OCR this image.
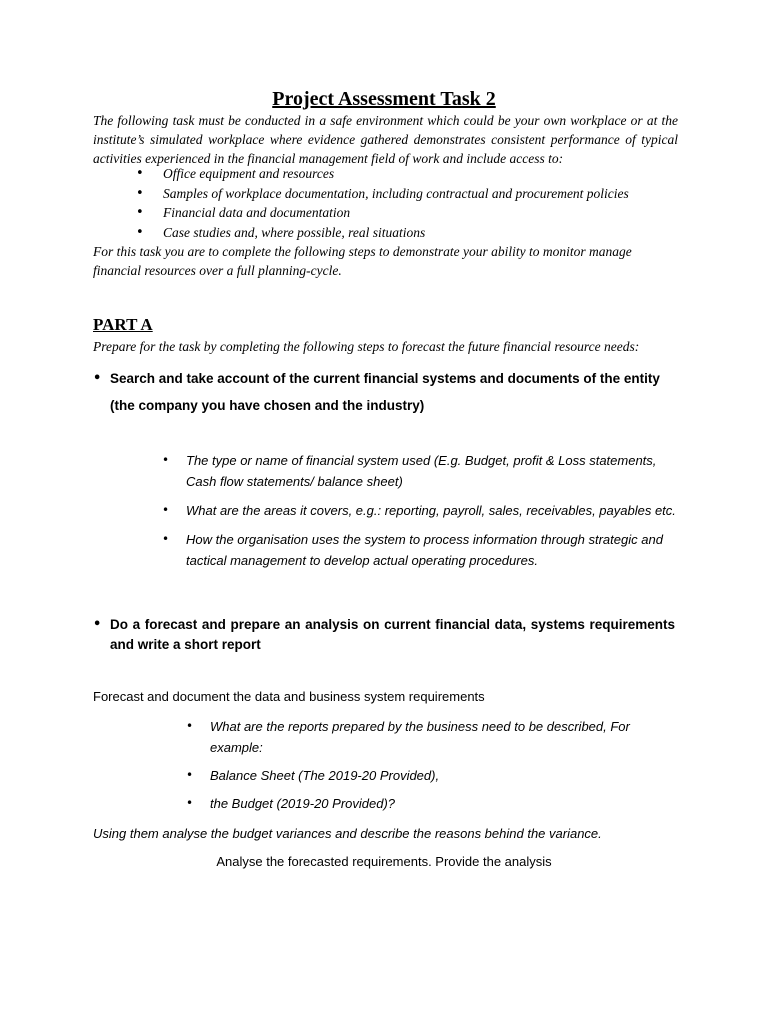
Project Assessment Task 2

The following task must be conducted in a safe environment which could be your own workplace or at the institute’s simulated workplace where evidence gathered demonstrates consistent performance of typical activities experienced in the financial management field of work and include access to:

• Office equipment and resources
• Samples of workplace documentation, including contractual and procurement policies
• Financial data and documentation
• Case studies and, where possible, real situations

For this task you are to complete the following steps to demonstrate your ability to monitor manage financial resources over a full planning-cycle.

PART A

Prepare for the task by completing the following steps to forecast the future financial resource needs:

• Search and take account of the current financial systems and documents of the entity (the company you have chosen and the industry)
• The type or name of financial system used (E.g. Budget, profit & Loss statements, Cash flow statements/ balance sheet)
• What are the areas it covers, e.g.: reporting, payroll, sales, receivables, payables etc.
• How the organisation uses the system to process information through strategic and tactical management to develop actual operating procedures.
• Do a forecast and prepare an analysis on current financial data, systems requirements and write a short report
Forecast and document the data and business system requirements
• What are the reports prepared by the business need to be described, For example:
• Balance Sheet (The 2019-20 Provided),
• the Budget (2019-20 Provided)?
Using them analyse the budget variances and describe the reasons behind the variance.
Analyse the forecasted requirements. Provide the analysis
